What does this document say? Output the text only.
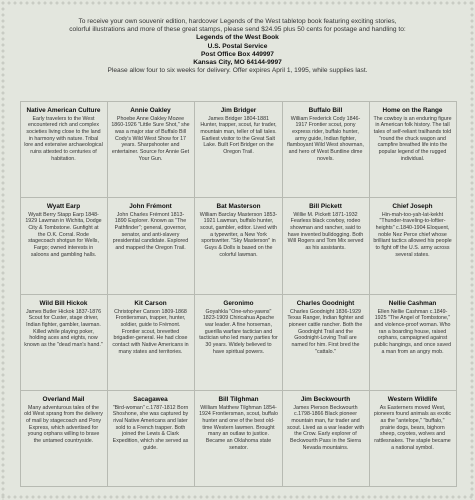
To receive your own souvenir edition, hardcover Legends of the West tabletop book featuring exciting stories,
colorful illustrations and more of these great stamps, please send $24.95 plus 50 cents for postage and handling to:
Legends of the West Book
U.S. Postal Service
Post Office Box 449997
Kansas City, MO 64144-9997
Please allow four to six weeks for delivery. Offer expires April 1, 1995, while supplies last.
Native American Culture
Early travelers to the West encountered rich and complex societies living close to the land in harmony with nature. Tribal lore and extensive archaeological ruins attested to centuries of habitation.
Annie Oakley
Phoebe Anne Oakley Mozee 1860-1926 "Little Sure Shot," she was a major star of Buffalo Bill Cody's Wild West Show for 17 years. Sharpshooter and entertainer. Source for Annie Get Your Gun.
Jim Bridger
James Bridger 1804-1881 Hunter, trapper, scout, fur trader, mountain man, teller of tall tales. Earliest visitor to the Great Salt Lake. Built Fort Bridger on the Oregon Trail.
Buffalo Bill
William Frederick Cody 1846-1917 Frontier scout, pony express rider, buffalo hunter, army guide, Indian fighter, flamboyant Wild West showman, and hero of West Buntline dime novels.
Home on the Range
The cowboy is an enduring figure in American folk history. The tall tales of self-reliant trailhands told "round the chuck wagon and campfire breathed life into the popular legend of the rugged individual.
Wyatt Earp
Wyatt Berry Stapp Earp 1848-1929 Lawman in Wichita, Dodge City & Tombstone. Gunfight at the O.K. Corral. Rode stagecoach shotgun for Wells, Fargo; owned interests in saloons and gambling halls.
John Frémont
John Charles Frémont 1813-1890 Explorer. Known as "The Pathfinder"; general, governor, senator, and anti-slavery presidential candidate. Explored and mapped the Oregon Trail.
Bat Masterson
William Barclay Masterson 1853-1921 Lawman, buffalo hunter, scout, gambler, editor. Lived with a typewriter, a New York sportswriter. "Sky Masterson" in Guys & Dolls is based on the colorful lawman.
Bill Pickett
Willie M. Pickett 1871-1932 Fearless black cowboy, rodeo showman and rancher, said to have invented bulldogging. Both Will Rogers and Tom Mix served as his assistants.
Chief Joseph
Hin-mah-too-yah-lat-kekht "Thunder-traveling-to-loftier-heights" c.1840-1904 Eloquent, noble Nez Perce chief whose brilliant tactics allowed his people to fight off the U.S. army across several states.
Wild Bill Hickok
James Butler Hickok 1837-1876 Scout for Custer, stage driver, Indian fighter, gambler, lawman. Killed while playing poker, holding aces and eights, now known as the "dead man's hand."
Kit Carson
Christopher Carson 1809-1868 Frontiersman, trapper, hunter, soldier, guide to Frémont. Frontier scout, brevetted brigadier-general. He had close contact with Native Americans in many states and territories.
Geronimo
Goyahkla "One-who-yawns" 1823-1909 Chiricahua Apache war leader. A fine horseman, guerilla warfare tactician and tactician who led many parties for 30 years. Widely believed to have spiritual powers.
Charles Goodnight
Charles Goodnight 1836-1929 Texas Ranger, Indian fighter and pioneer cattle rancher. Both the Goodnight Trail and the Goodnight-Loving Trail are named for him. First bred the "cattalo."
Nellie Cashman
Ellen Nellie Cashman c.1849-1925 "The Angel of Tombstone," and violence-proof woman. Who ran a boarding house, raised orphans, campaigned against public hangings, and once saved a man from an angry mob.
Overland Mail
Many adventurous tales of the old West sprang from the delivery of mail by stagecoach and Pony Express, which advertised for young orphans willing to brave the untamed countryside.
Sacagawea
"Bird-woman" c.1787-1812 Born Shoshone, she was captured by rival Native Americans and later sold to a French trapper. Both joined the Lewis & Clark Expedition, which she served as guide.
Bill Tilghman
William Matthew Tilghman 1854-1924 Frontiersman, scout, buffalo hunter and one of the best old-time Western lawmen. Brought many an outlaw to justice. Became an Oklahoma state senator.
Jim Beckwourth
James Pierson Beckwourth c.1798-1866 Black pioneer mountain man, fur trader and scout. Lived as a war leader with the Crow. Early explorer of Beckwourth Pass in the Sierra Nevada mountains.
Western Wildlife
As Easterners moved West, pioneers found animals as exotic as the "antelope," "buffalo," prairie dogs, bears, bighorn sheep, coyotes, wolves and rattlesnakes. The staple became a national symbol.
